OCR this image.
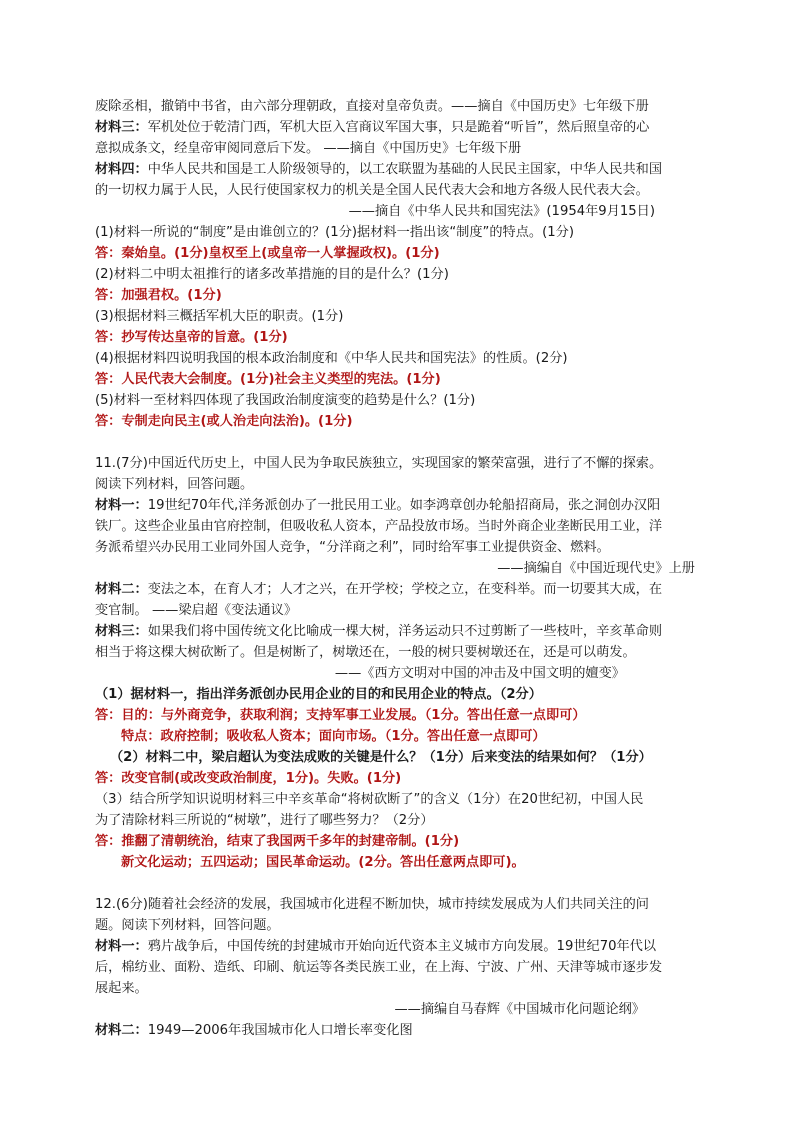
废除丞相，撤销中书省，由六部分理朝政，直接对皇帝负责。——摘自《中国历史》七年级下册
材料三：军机处位于乾清门西，军机大臣入宫商议军国大事，只是跪着“听旨”，然后照皇帝的心
意拟成条文，经皇帝审阅同意后下发。 ——摘自《中国历史》七年级下册
材料四：中华人民共和国是工人阶级领导的，以工农联盟为基础的人民民主国家，中华人民共和国
的一切权力属于人民，人民行使国家权力的机关是全国人民代表大会和地方各级人民代表大会。
——摘自《中华人民共和国宪法》(1954年9月15日)
(1)材料一所说的“制度”是由谁创立的？(1分)据材料一指出该“制度”的特点。(1分)
答：秦始皇。(1分)皇权至上(或皇帝一人掌握政权)。(1分)
(2)材料二中明太祖推行的诸多改革措施的目的是什么？(1分)
答：加强君权。(1分)
(3)根据材料三概括军机大臣的职责。(1分)
答：抄写传达皇帝的旨意。(1分)
(4)根据材料四说明我国的根本政治制度和《中华人民共和国宪法》的性质。(2分)
答：人民代表大会制度。(1分)社会主义类型的宪法。(1分)
(5)材料一至材料四体现了我国政治制度演变的趋势是什么？(1分)
答：专制走向民主(或人治走向法治)。(1分)
11.(7分)中国近代历史上，中国人民为争取民族独立，实现国家的繁荣富强，进行了不懈的探索。
阅读下列材料，回答问题。
材料一：19世纪70年代,洋务派创办了一批民用工业。如李鸿章创办轮船招商局，张之洞创办汉阳
铁厂。这些企业虽由官府控制，但吸收私人资本，产品投放市场。当时外商企业垄断民用工业，洋
务派希望兴办民用工业同外国人竞争，“分洋商之利”，同时给军事工业提供资金、燃料。
——摘编自《中国近现代史》上册
材料二：变法之本，在育人才；人才之兴，在开学校；学校之立，在变科举。而一切要其大成，在
变官制。 ——梁启超《变法通议》
材料三：如果我们将中国传统文化比喻成一棵大树，洋务运动只不过剪断了一些枝叶，辛亥革命则
相当于将这棵大树砍断了。但是树断了，树墩还在，一般的树只要树墩还在，还是可以萌发。
——《西方文明对中国的冲击及中国文明的嬗变》
（1）据材料一，指出洋务派创办民用企业的目的和民用企业的特点。（2分）
答：目的：与外商竞争，获取利润；支持军事工业发展。（1分。答出任意一点即可）
特点：政府控制；吸收私人资本；面向市场。（1分。答出任意一点即可）
（2）材料二中，梁启超认为变法成败的关键是什么？（1分）后来变法的结果如何？（1分）
答：改变官制(或改变政治制度，1分)。失败。(1分)
（3）结合所学知识说明材料三中辛亥革命“将树砍断了”的含义（1分）在20世纪初，中国人民
为了清除材料三所说的“树墩”，进行了哪些努力？（2分）
答：推翻了清朝统治，结束了我国两千多年的封建帝制。(1分)
新文化运动；五四运动；国民革命运动。(2分。答出任意两点即可)。
12.(6分)随着社会经济的发展，我国城市化进程不断加快，城市持续发展成为人们共同关注的问
题。阅读下列材料，回答问题。
材料一：鸦片战争后，中国传统的封建城市开始向近代资本主义城市方向发展。19世纪70年代以
后，棉纺业、面粉、造纸、印刷、航运等各类民族工业，在上海、宁波、广州、天津等城市逐步发
展起来。
——摘编自马春辉《中国城市化问题论纲》
材料二：1949—2006年我国城市化人口增长率变化图
